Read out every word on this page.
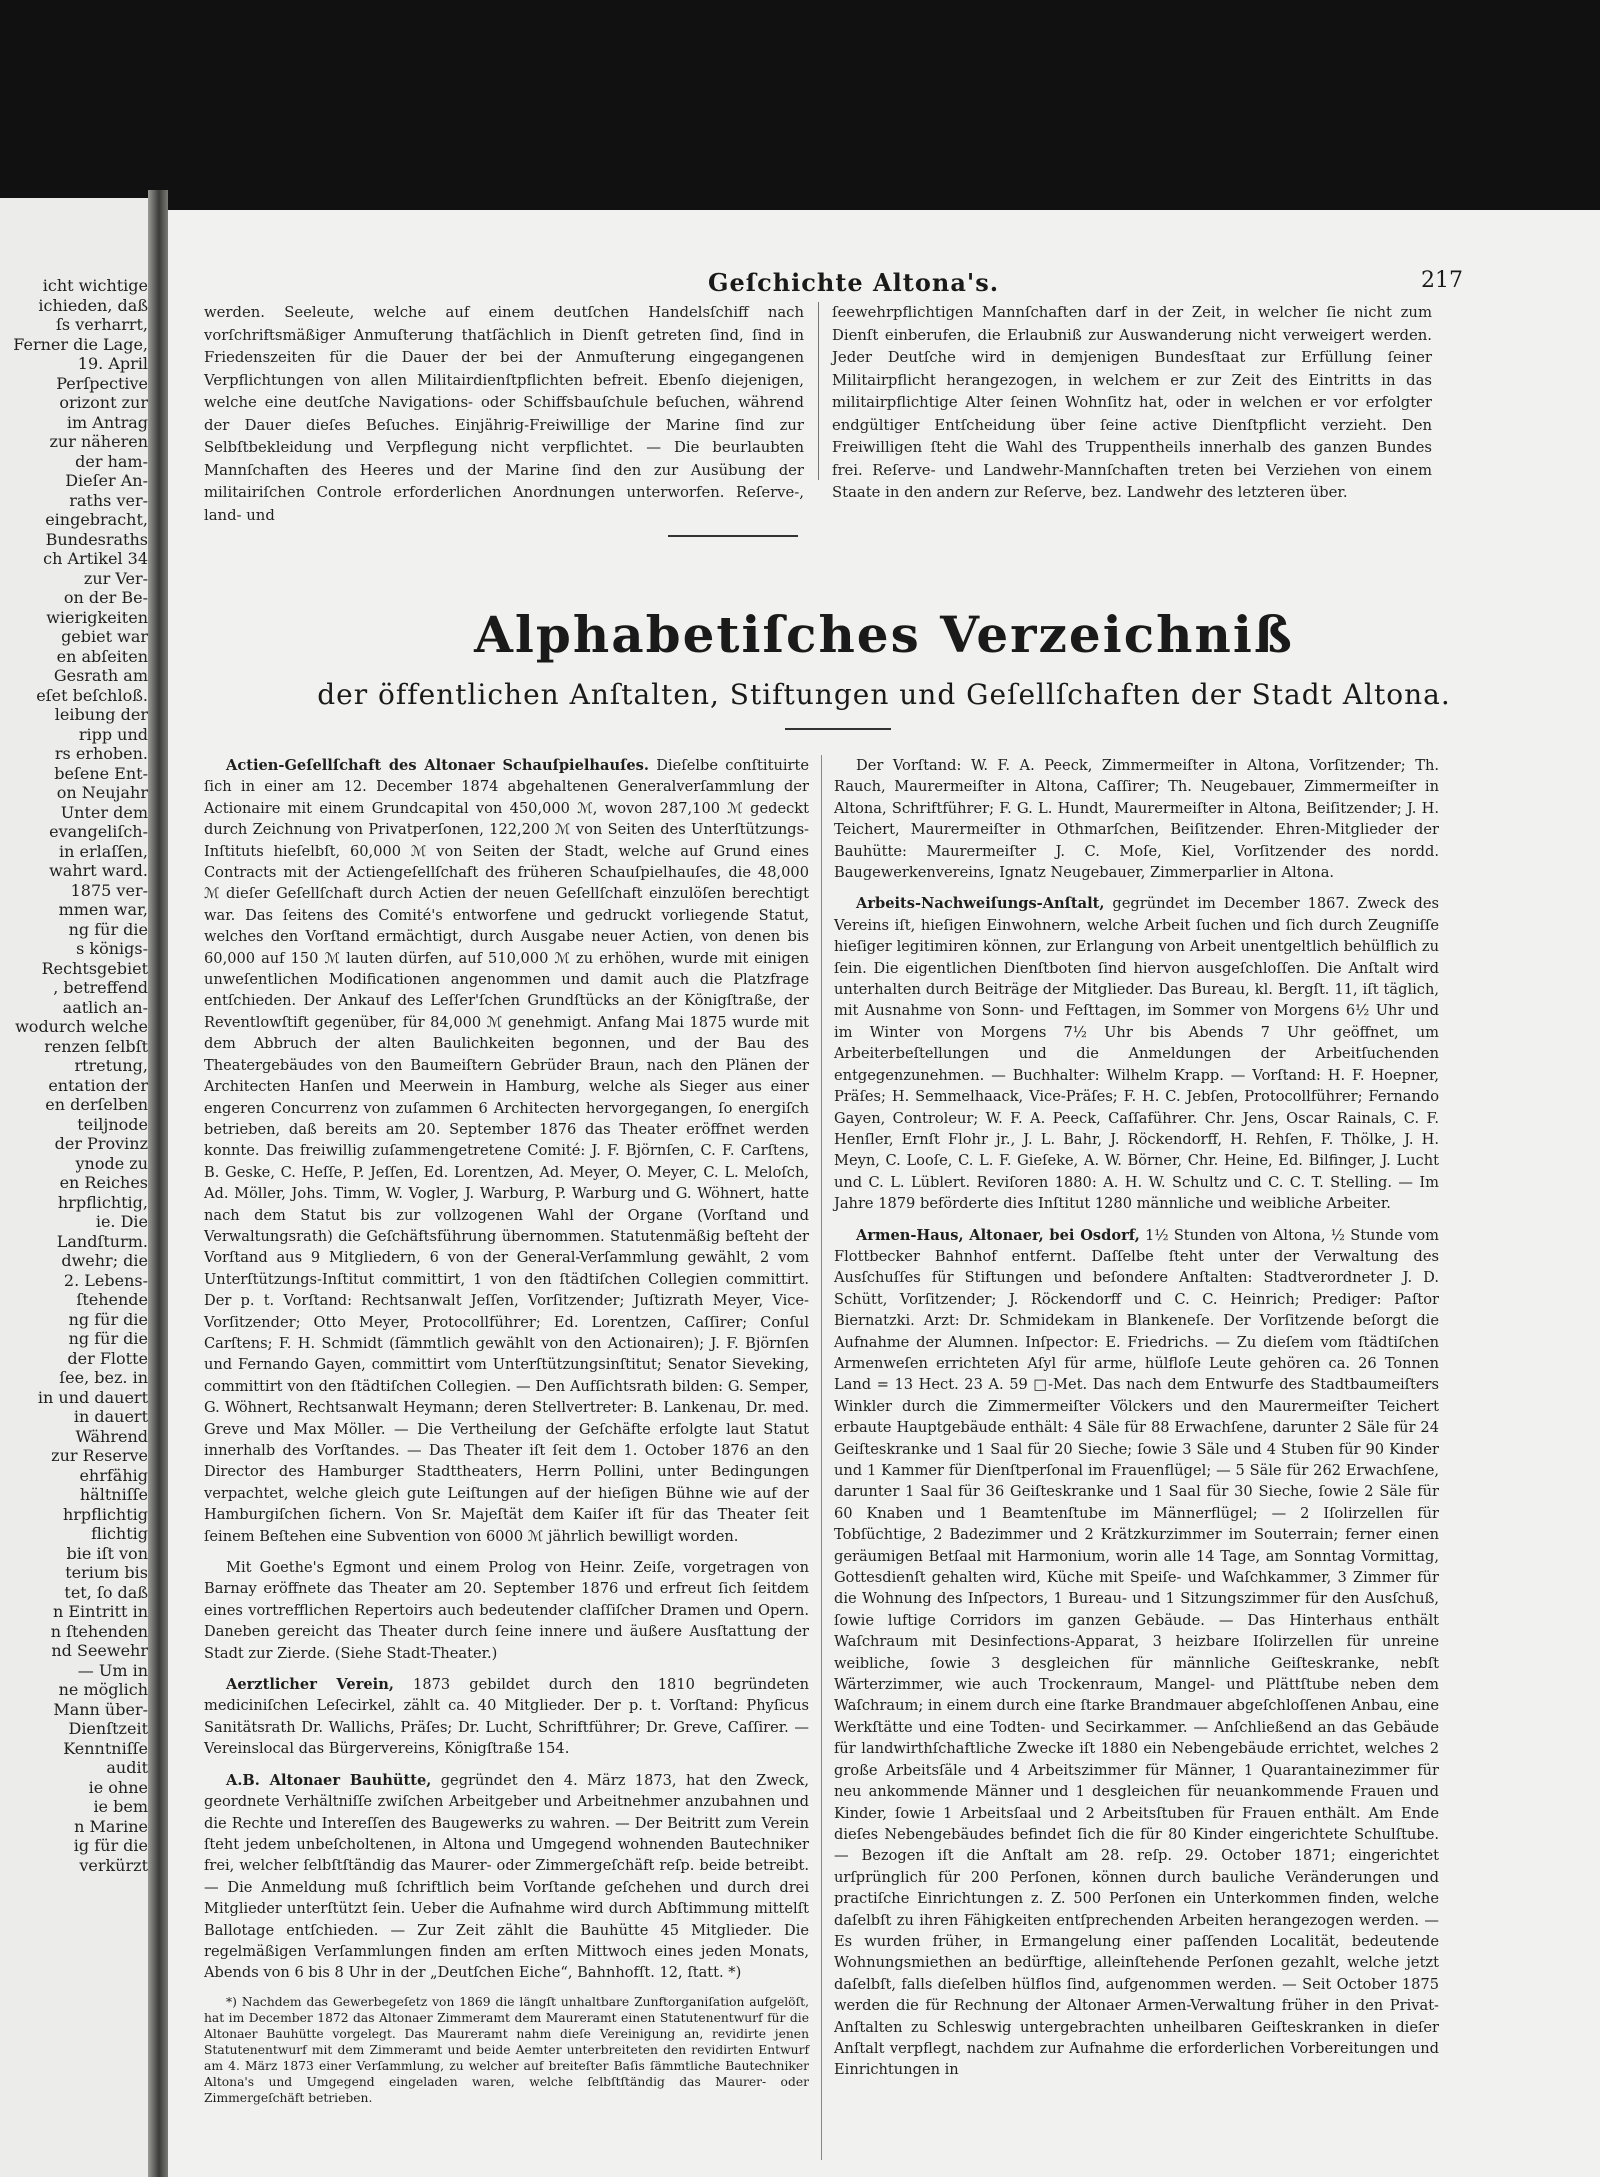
icht wichtige
ichieden, daß
ſs verharrt,
Ferner die Lage,
19. April
Perſpective
orizont zur
im Antrag
zur näheren
der ham-
Dieſer An-
raths ver-
eingebracht,
Bundesraths
ch Artikel 34
zur Ver-
on der Be-
wierigkeiten
gebiet war
en abſeiten
Gesrath am
eſet beſchloß.
leibung der
ripp und
rs erhoben.
beſene Ent-
on Neujahr
Unter dem
evangeliſch-
in erlaſſen,
wahrt ward.
1875 ver-
mmen war,
ng für die
s königs-
Rechtsgebiet
, betreffend
aatlich an-
wodurch welche
renzen ſelbſt
rtretung,
entation der
en derſelben
teiljnode
der Provinz
ynode zu
en Reiches
hrpflichtig,
ie. Die
Landſturm.
dwehr; die
2. Lebens-
ſtehende
ng für die
ng für die
der Flotte
ſee, bez. in
in und dauert
in dauert
Während
zur Reserve
ehrfähig
hältniſſe
hrpflichtig
flichtig
bie iſt von
terium bis
tet, ſo daß
n Eintritt in
n ſtehenden
nd Seewehr
— Um in
ne möglich
Mann über-
Dienſtzeit
Kenntniſſe
audit
ie ohne
ie bem
n Marine
ig für die
verkürzt
Geſchichte Altona's.	217

werden. Seeleute, welche auf einem deutſchen Handelsſchiff nach vorſchriftsmäßiger Anmuſterung thatſächlich in Dienſt getreten ſind, ſind in Friedenszeiten für die Dauer der bei der Anmuſterung eingegangenen Verpflichtungen von allen Militairdienſtpflichten befreit. Ebenſo diejenigen, welche eine deutſche Navigations- oder Schiffsbauſchule beſuchen, während der Dauer dieſes Beſuches. Einjährig-Freiwillige der Marine ſind zur Selbſtbekleidung und Verpflegung nicht verpflichtet. — Die beurlaubten Mannſchaften des Heeres und der Marine ſind den zur Ausübung der militairiſchen Controle erforderlichen Anordnungen unterworfen. Reſerve-, land- und

ſeewehrpflichtigen Mannſchaften darf in der Zeit, in welcher ſie nicht zum Dienſt einberufen, die Erlaubniß zur Auswanderung nicht verweigert werden. Jeder Deutſche wird in demjenigen Bundesſtaat zur Erfüllung ſeiner Militairpflicht herangezogen, in welchem er zur Zeit des Eintritts in das militairpflichtige Alter ſeinen Wohnſitz hat, oder in welchen er vor erfolgter endgültiger Entſcheidung über ſeine active Dienſtpflicht verzieht. Den Freiwilligen ſteht die Wahl des Truppentheils innerhalb des ganzen Bundes frei. Reſerve- und Landwehr-Mannſchaften treten bei Verziehen von einem Staate in den andern zur Reſerve, bez. Landwehr des letzteren über.

Alphabetiſches Verzeichniß
der öffentlichen Anſtalten, Stiftungen und Geſellſchaften der Stadt Altona.

Actien-Geſellſchaft des Altonaer Schauſpielhauſes. Dieſelbe conſtituirte ſich in einer am 12. December 1874 abgehaltenen Generalverſammlung der Actionaire mit einem Grundcapital von 450,000 ℳ, wovon 287,100 ℳ gedeckt durch Zeichnung von Privatperſonen, 122,200 ℳ von Seiten des Unterſtützungs-Inſtituts hieſelbſt, 60,000 ℳ von Seiten der Stadt, welche auf Grund eines Contracts mit der Actiengeſellſchaft des früheren Schauſpielhauſes, die 48,000 ℳ dieſer Geſellſchaft durch Actien der neuen Geſellſchaft einzulöſen berechtigt war. Das ſeitens des Comité's entworfene und gedruckt vorliegende Statut, welches den Vorſtand ermächtigt, durch Ausgabe neuer Actien, von denen bis 60,000 auf 150 ℳ lauten dürfen, auf 510,000 ℳ zu erhöhen, wurde mit einigen unweſentlichen Modificationen angenommen und damit auch die Platzfrage entſchieden. Der Ankauf des Leſſer'ſchen Grundſtücks an der Königſtraße, der Reventlowſtift gegenüber, für 84,000 ℳ genehmigt. Anfang Mai 1875 wurde mit dem Abbruch der alten Baulichkeiten begonnen, und der Bau des Theatergebäudes von den Baumeiſtern Gebrüder Braun, nach den Plänen der Architecten Hanſen und Meerwein in Hamburg, welche als Sieger aus einer engeren Concurrenz von zuſammen 6 Architecten hervorgegangen, ſo energiſch betrieben, daß bereits am 20. September 1876 das Theater eröffnet werden konnte. Das freiwillig zuſammengetretene Comité: J. F. Björnſen, C. F. Carſtens, B. Geske, C. Heſſe, P. Jeſſen, Ed. Lorentzen, Ad. Meyer, O. Meyer, C. L. Meloſch, Ad. Möller, Johs. Timm, W. Vogler, J. Warburg, P. Warburg und G. Wöhnert, hatte nach dem Statut bis zur vollzogenen Wahl der Organe (Vorſtand und Verwaltungsrath) die Geſchäftsführung übernommen. Statutenmäßig beſteht der Vorſtand aus 9 Mitgliedern, 6 von der General-Verſammlung gewählt, 2 vom Unterſtützungs-Inſtitut committirt, 1 von den ſtädtiſchen Collegien committirt. Der p. t. Vorſtand: Rechtsanwalt Jeſſen, Vorſitzender; Juſtizrath Meyer, Vice-Vorſitzender; Otto Meyer, Protocollführer; Ed. Lorentzen, Caſſirer; Conſul Carſtens; F. H. Schmidt (ſämmtlich gewählt von den Actionairen); J. F. Björnſen und Fernando Gayen, committirt vom Unterſtützungsinſtitut; Senator Sieveking, committirt von den ſtädtiſchen Collegien. — Den Aufſichtsrath bilden: G. Semper, G. Wöhnert, Rechtsanwalt Heymann; deren Stellvertreter: B. Lankenau, Dr. med. Greve und Max Möller. — Die Vertheilung der Geſchäfte erfolgte laut Statut innerhalb des Vorſtandes. — Das Theater iſt ſeit dem 1. October 1876 an den Director des Hamburger Stadttheaters, Herrn Pollini, unter Bedingungen verpachtet, welche gleich gute Leiſtungen auf der hieſigen Bühne wie auf der Hamburgiſchen ſichern. Von Sr. Majeſtät dem Kaiſer iſt für das Theater ſeit ſeinem Beſtehen eine Subvention von 6000 ℳ jährlich bewilligt worden.

Mit Goethe's Egmont und einem Prolog von Heinr. Zeiſe, vorgetragen von Barnay eröffnete das Theater am 20. September 1876 und erfreut ſich ſeitdem eines vortrefflichen Repertoirs auch bedeutender claſſiſcher Dramen und Opern. Daneben gereicht das Theater durch ſeine innere und äußere Ausſtattung der Stadt zur Zierde. (Siehe Stadt-Theater.)

Aerztlicher Verein, 1873 gebildet durch den 1810 begründeten mediciniſchen Leſecirkel, zählt ca. 40 Mitglieder. Der p. t. Vorſtand: Phyſicus Sanitätsrath Dr. Wallichs, Präſes; Dr. Lucht, Schriftführer; Dr. Greve, Caſſirer. — Vereinslocal das Bürgervereins, Königſtraße 154.

A.B. Altonaer Bauhütte, gegründet den 4. März 1873, hat den Zweck, geordnete Verhältniſſe zwiſchen Arbeitgeber und Arbeitnehmer anzubahnen und die Rechte und Intereſſen des Baugewerks zu wahren. — Der Beitritt zum Verein ſteht jedem unbeſcholtenen, in Altona und Umgegend wohnenden Bautechniker frei, welcher ſelbſtſtändig das Maurer- oder Zimmergeſchäft reſp. beide betreibt. — Die Anmeldung muß ſchriftlich beim Vorſtande geſchehen und durch drei Mitglieder unterſtützt ſein. Ueber die Aufnahme wird durch Abſtimmung mittelſt Ballotage entſchieden. — Zur Zeit zählt die Bauhütte 45 Mitglieder. Die regelmäßigen Verſammlungen finden am erſten Mittwoch eines jeden Monats, Abends von 6 bis 8 Uhr in der „Deutſchen Eiche“, Bahnhofſt. 12, ſtatt. *)

*) Nachdem das Gewerbegeſetz von 1869 die längſt unhaltbare Zunftorganiſation aufgelöſt, hat im December 1872 das Altonaer Zimmeramt dem Maureramt einen Statutenentwurf für die Altonaer Bauhütte vorgelegt. Das Maureramt nahm dieſe Vereinigung an, revidirte jenen Statutenentwurf mit dem Zimmeramt und beide Aemter unterbreiteten den revidirten Entwurf am 4. März 1873 einer Verſammlung, zu welcher auf breiteſter Baſis ſämmtliche Bautechniker Altona's und Umgegend eingeladen waren, welche ſelbſtſtändig das Maurer- oder Zimmergeſchäft betrieben.

Der Vorſtand: W. F. A. Peeck, Zimmermeiſter in Altona, Vorſitzender; Th. Rauch, Maurermeiſter in Altona, Caſſirer; Th. Neugebauer, Zimmermeiſter in Altona, Schriftführer; F. G. L. Hundt, Maurermeiſter in Altona, Beiſitzender; J. H. Teichert, Maurermeiſter in Othmarſchen, Beiſitzender. Ehren-Mitglieder der Bauhütte: Maurermeiſter J. C. Moſe, Kiel, Vorſitzender des nordd. Baugewerkenvereins, Ignatz Neugebauer, Zimmerparlier in Altona.

Arbeits-Nachweiſungs-Anſtalt, gegründet im December 1867. Zweck des Vereins iſt, hieſigen Einwohnern, welche Arbeit ſuchen und ſich durch Zeugniſſe hieſiger legitimiren können, zur Erlangung von Arbeit unentgeltlich behülflich zu ſein. Die eigentlichen Dienſtboten ſind hiervon ausgeſchloſſen. Die Anſtalt wird unterhalten durch Beiträge der Mitglieder. Das Bureau, kl. Bergſt. 11, iſt täglich, mit Ausnahme von Sonn- und Feſttagen, im Sommer von Morgens 6½ Uhr und im Winter von Morgens 7½ Uhr bis Abends 7 Uhr geöffnet, um Arbeiterbeſtellungen und die Anmeldungen der Arbeitſuchenden entgegenzunehmen. — Buchhalter: Wilhelm Krapp. — Vorſtand: H. F. Hoepner, Präſes; H. Semmelhaack, Vice-Präſes; F. H. C. Jebſen, Protocollführer; Fernando Gayen, Controleur; W. F. A. Peeck, Caſſaführer. Chr. Jens, Oscar Rainals, C. F. Henſler, Ernſt Flohr jr., J. L. Bahr, J. Röckendorff, H. Rehſen, F. Thölke, J. H. Meyn, C. Looſe, C. L. F. Gieſeke, A. W. Börner, Chr. Heine, Ed. Bilfinger, J. Lucht und C. L. Lüblert. Reviſoren 1880: A. H. W. Schultz und C. C. T. Stelling. — Im Jahre 1879 beförderte dies Inſtitut 1280 männliche und weibliche Arbeiter.

Armen-Haus, Altonaer, bei Osdorf, 1½ Stunden von Altona, ½ Stunde vom Flottbecker Bahnhof entfernt. Daſſelbe ſteht unter der Verwaltung des Ausſchuſſes für Stiftungen und beſondere Anſtalten: Stadtverordneter J. D. Schütt, Vorſitzender; J. Röckendorff und C. C. Heinrich; Prediger: Paſtor Biernatzki. Arzt: Dr. Schmidekam in Blankeneſe. Der Vorſitzende beſorgt die Aufnahme der Alumnen. Inſpector: E. Friedrichs. — Zu dieſem vom ſtädtiſchen Armenweſen errichteten Aſyl für arme, hülfloſe Leute gehören ca. 26 Tonnen Land = 13 Hect. 23 A. 59 □-Met. Das nach dem Entwurfe des Stadtbaumeiſters Winkler durch die Zimmermeiſter Völckers und den Maurermeiſter Teichert erbaute Hauptgebäude enthält: 4 Säle für 88 Erwachſene, darunter 2 Säle für 24 Geiſteskranke und 1 Saal für 20 Sieche; ſowie 3 Säle und 4 Stuben für 90 Kinder und 1 Kammer für Dienſtperſonal im Frauenflügel; — 5 Säle für 262 Erwachſene, darunter 1 Saal für 36 Geiſteskranke und 1 Saal für 30 Sieche, ſowie 2 Säle für 60 Knaben und 1 Beamtenſtube im Männerflügel; — 2 Iſolirzellen für Tobſüchtige, 2 Badezimmer und 2 Krätzkurzimmer im Souterrain; ferner einen geräumigen Betſaal mit Harmonium, worin alle 14 Tage, am Sonntag Vormittag, Gottesdienſt gehalten wird, Küche mit Speiſe- und Waſchkammer, 3 Zimmer für die Wohnung des Inſpectors, 1 Bureau- und 1 Sitzungszimmer für den Ausſchuß, ſowie luftige Corridors im ganzen Gebäude. — Das Hinterhaus enthält Waſchraum mit Desinfections-Apparat, 3 heizbare Iſolirzellen für unreine weibliche, ſowie 3 desgleichen für männliche Geiſteskranke, nebſt Wärterzimmer, wie auch Trockenraum, Mangel- und Plättſtube neben dem Waſchraum; in einem durch eine ſtarke Brandmauer abgeſchloſſenen Anbau, eine Werkſtätte und eine Todten- und Secirkammer. — Anſchließend an das Gebäude für landwirthſchaftliche Zwecke iſt 1880 ein Nebengebäude errichtet, welches 2 große Arbeitsſäle und 4 Arbeitszimmer für Männer, 1 Quarantainezimmer für neu ankommende Männer und 1 desgleichen für neuankommende Frauen und Kinder, ſowie 1 Arbeitsſaal und 2 Arbeitsſtuben für Frauen enthält. Am Ende dieſes Nebengebäudes befindet ſich die für 80 Kinder eingerichtete Schulſtube. — Bezogen iſt die Anſtalt am 28. reſp. 29. October 1871; eingerichtet urſprünglich für 200 Perſonen, können durch bauliche Veränderungen und practiſche Einrichtungen z. Z. 500 Perſonen ein Unterkommen finden, welche daſelbſt zu ihren Fähigkeiten entſprechenden Arbeiten herangezogen werden. — Es wurden früher, in Ermangelung einer paſſenden Localität, bedeutende Wohnungsmiethen an bedürftige, alleinſtehende Perſonen gezahlt, welche jetzt daſelbſt, falls dieſelben hülflos ſind, aufgenommen werden. — Seit October 1875 werden die für Rechnung der Altonaer Armen-Verwaltung früher in den Privat-Anſtalten zu Schleswig untergebrachten unheilbaren Geiſteskranken in dieſer Anſtalt verpflegt, nachdem zur Aufnahme die erforderlichen Vorbereitungen und Einrichtungen in
